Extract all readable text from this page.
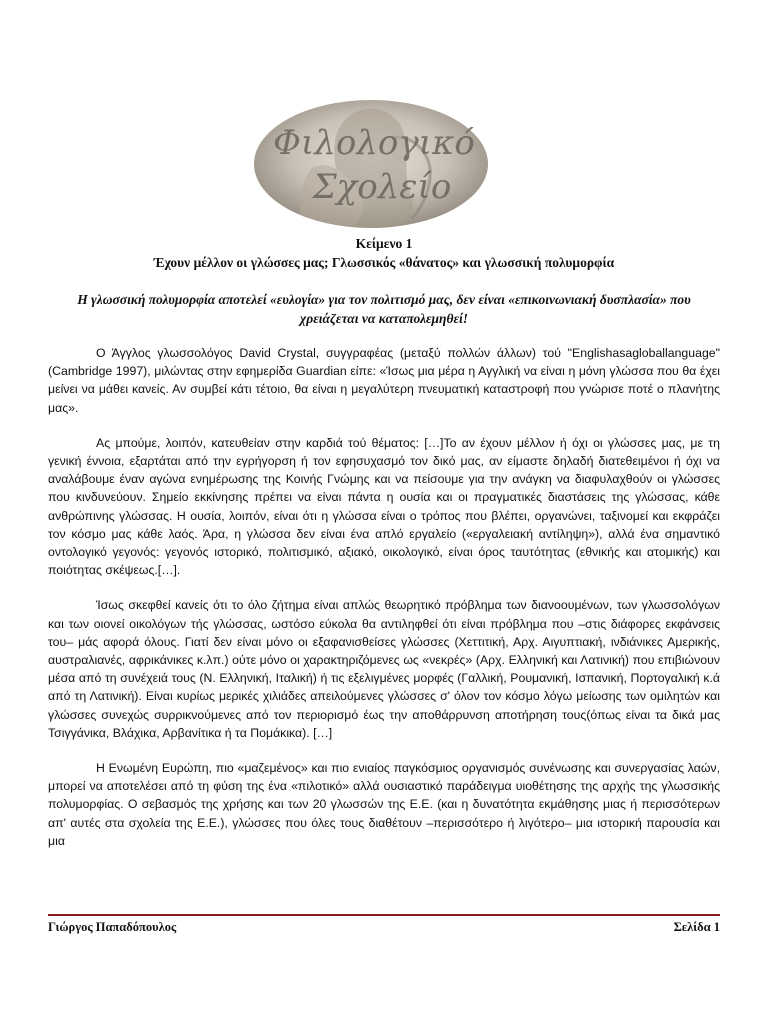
Φιλολογικό
Σχολείο
Κείμενο 1
Έχουν μέλλον οι γλώσσες μας; Γλωσσικός «θάνατος» και γλωσσική πολυμορφία
Η γλωσσική πολυμορφία αποτελεί «ευλογία» για τον πολιτισμό μας, δεν είναι «επικοινωνιακή δυσπλασία» που χρειάζεται να καταπολεμηθεί!

Ο Άγγλος γλωσσολόγος David Crystal, συγγραφέας (μεταξύ πολλών άλλων) τού "Englishasagloballanguage" (Cambridge 1997), μιλώντας στην εφημερίδα Guardian είπε: «Ίσως μια μέρα η Αγγλική να είναι η μόνη γλώσσα που θα έχει μείνει να μάθει κανείς. Αν συμβεί κάτι τέτοιο, θα είναι η μεγαλύτερη πνευματική καταστροφή που γνώρισε ποτέ ο πλανήτης μας».

Ας μπούμε, λοιπόν, κατευθείαν στην καρδιά τού θέματος: […]Το αν έχουν μέλλον ή όχι οι γλώσσες μας, με τη γενική έννοια, εξαρτάται από την εγρήγορση ή τον εφησυχασμό τον δικό μας, αν είμαστε δηλαδή διατεθειμένοι ή όχι να αναλάβουμε έναν αγώνα ενημέρωσης της Κοινής Γνώμης και να πείσουμε για την ανάγκη να διαφυλαχθούν οι γλώσσες που κινδυνεύουν. Σημείο εκκίνησης πρέπει να είναι πάντα η ουσία και οι πραγματικές διαστάσεις της γλώσσας, κάθε ανθρώπινης γλώσσας. Η ουσία, λοιπόν, είναι ότι η γλώσσα είναι ο τρόπος που βλέπει, οργανώνει, ταξινομεί και εκφράζει τον κόσμο μας κάθε λαός. Άρα, η γλώσσα δεν είναι ένα απλό εργαλείο («εργαλειακή αντίληψη»), αλλά ένα σημαντικό οντολογικό γεγονός: γεγονός ιστορικό, πολιτισμικό, αξιακό, οικολογικό, είναι όρος ταυτότητας (εθνικής και ατομικής) και ποιότητας σκέψεως.[…].

Ίσως σκεφθεί κανείς ότι το όλο ζήτημα είναι απλώς θεωρητικό πρόβλημα των διανοουμένων, των γλωσσολόγων και των οιονεί οικολόγων τής γλώσσας, ωστόσο εύκολα θα αντιληφθεί ότι είναι πρόβλημα που –στις διάφορες εκφάνσεις του– μάς αφορά όλους. Γιατί δεν είναι μόνο οι εξαφανισθείσες γλώσσες (Χεττιτική, Αρχ. Αιγυπτιακή, ινδιάνικες Αμερικής, αυστραλιανές, αφρικάνικες κ.λπ.) ούτε μόνο οι χαρακτηριζόμενες ως «νεκρές» (Αρχ. Ελληνική και Λατινική) που επιβιώνουν μέσα από τη συνέχειά τους (Ν. Ελληνική, Ιταλική) ή τις εξελιγμένες μορφές (Γαλλική, Ρουμανική, Ισπανική, Πορτογαλική κ.ά από τη Λατινική). Είναι κυρίως μερικές χιλιάδες απειλούμενες γλώσσες σ' όλον τον κόσμο λόγω μείωσης των ομιλητών και γλώσσες συνεχώς συρρικνούμενες από τον περιορισμό έως την αποθάρρυνση αποτήρηση τους(όπως είναι τα δικά μας Τσιγγάνικα, Βλάχικα, Αρβανίτικα ή τα Πομάκικα). […]

Η Ενωμένη Ευρώπη, πιο «μαζεμένος» και πιο ενιαίος παγκόσμιος οργανισμός συνένωσης και συνεργασίας λαών, μπορεί να αποτελέσει από τη φύση της ένα «πιλοτικό» αλλά ουσιαστικό παράδειγμα υιοθέτησης της αρχής της γλωσσικής πολυμορφίας. Ο σεβασμός της χρήσης και των 20 γλωσσών της Ε.Ε. (και η δυνατότητα εκμάθησης μιας ή περισσότερων απ' αυτές στα σχολεία της Ε.Ε.), γλώσσες που όλες τους διαθέτουν –περισσότερο ή λιγότερο– μια ιστορική παρουσία και μια

Γιώργος Παπαδόπουλος	Σελίδα 1
